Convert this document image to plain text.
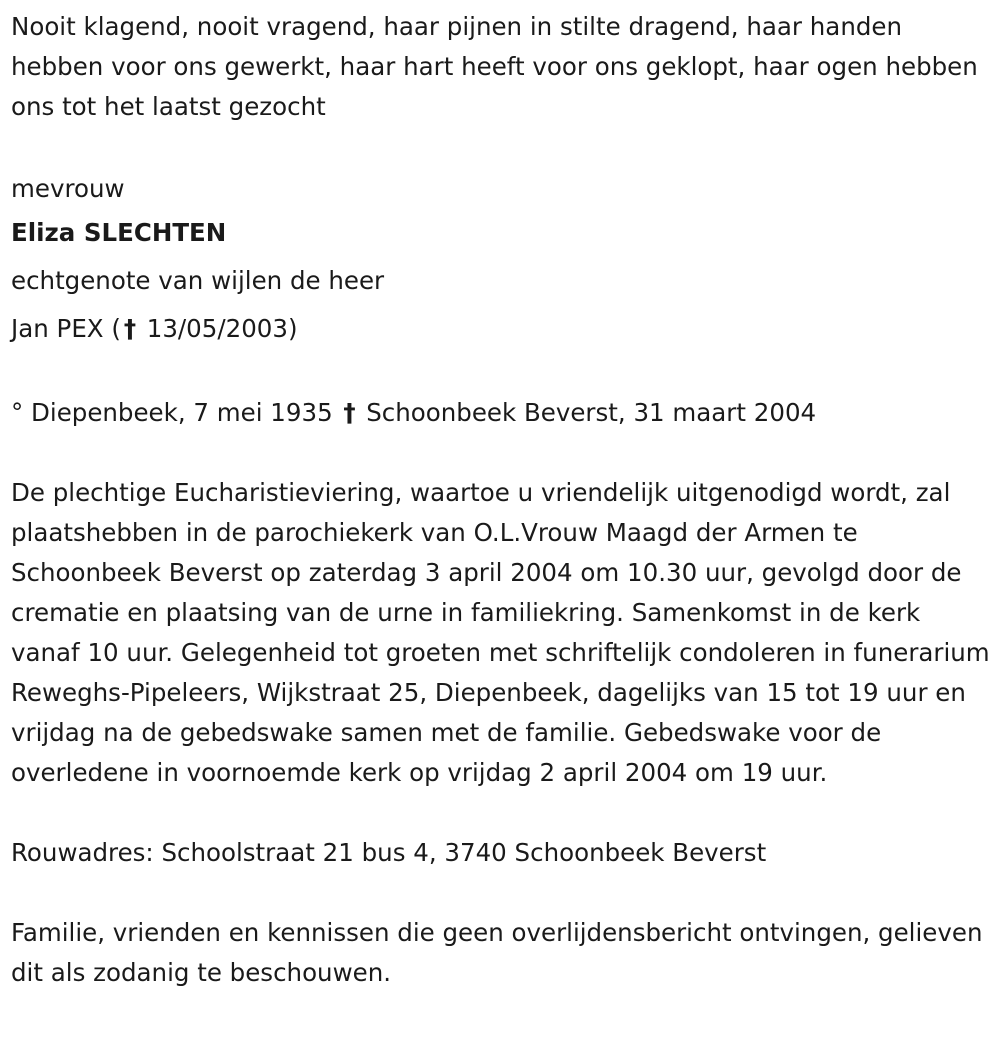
Nooit klagend, nooit vragend, haar pijnen in stilte dragend, haar handen hebben voor ons gewerkt, haar hart heeft voor ons geklopt, haar ogen hebben ons tot het laatst gezocht

mevrouw

Eliza SLECHTEN

echtgenote van wijlen de heer

Jan PEX ( † 13/05/2003)

° Diepenbeek, 7 mei 1935 † Schoonbeek Beverst, 31 maart 2004

De plechtige Eucharistieviering, waartoe u vriendelijk uitgenodigd wordt, zal plaatshebben in de parochiekerk van O.L.Vrouw Maagd der Armen te Schoonbeek Beverst op zaterdag 3 april 2004 om 10.30 uur, gevolgd door de crematie en plaatsing van de urne in familiekring. Samenkomst in de kerk vanaf 10 uur. Gelegenheid tot groeten met schriftelijk condoleren in funerarium Reweghs-Pipeleers, Wijkstraat 25, Diepenbeek, dagelijks van 15 tot 19 uur en vrijdag na de gebedswake samen met de familie. Gebedswake voor de overledene in voornoemde kerk op vrijdag 2 april 2004 om 19 uur.

Rouwadres: Schoolstraat 21 bus 4, 3740 Schoonbeek Beverst

Familie, vrienden en kennissen die geen overlijdensbericht ontvingen, gelieven dit als zodanig te beschouwen.
